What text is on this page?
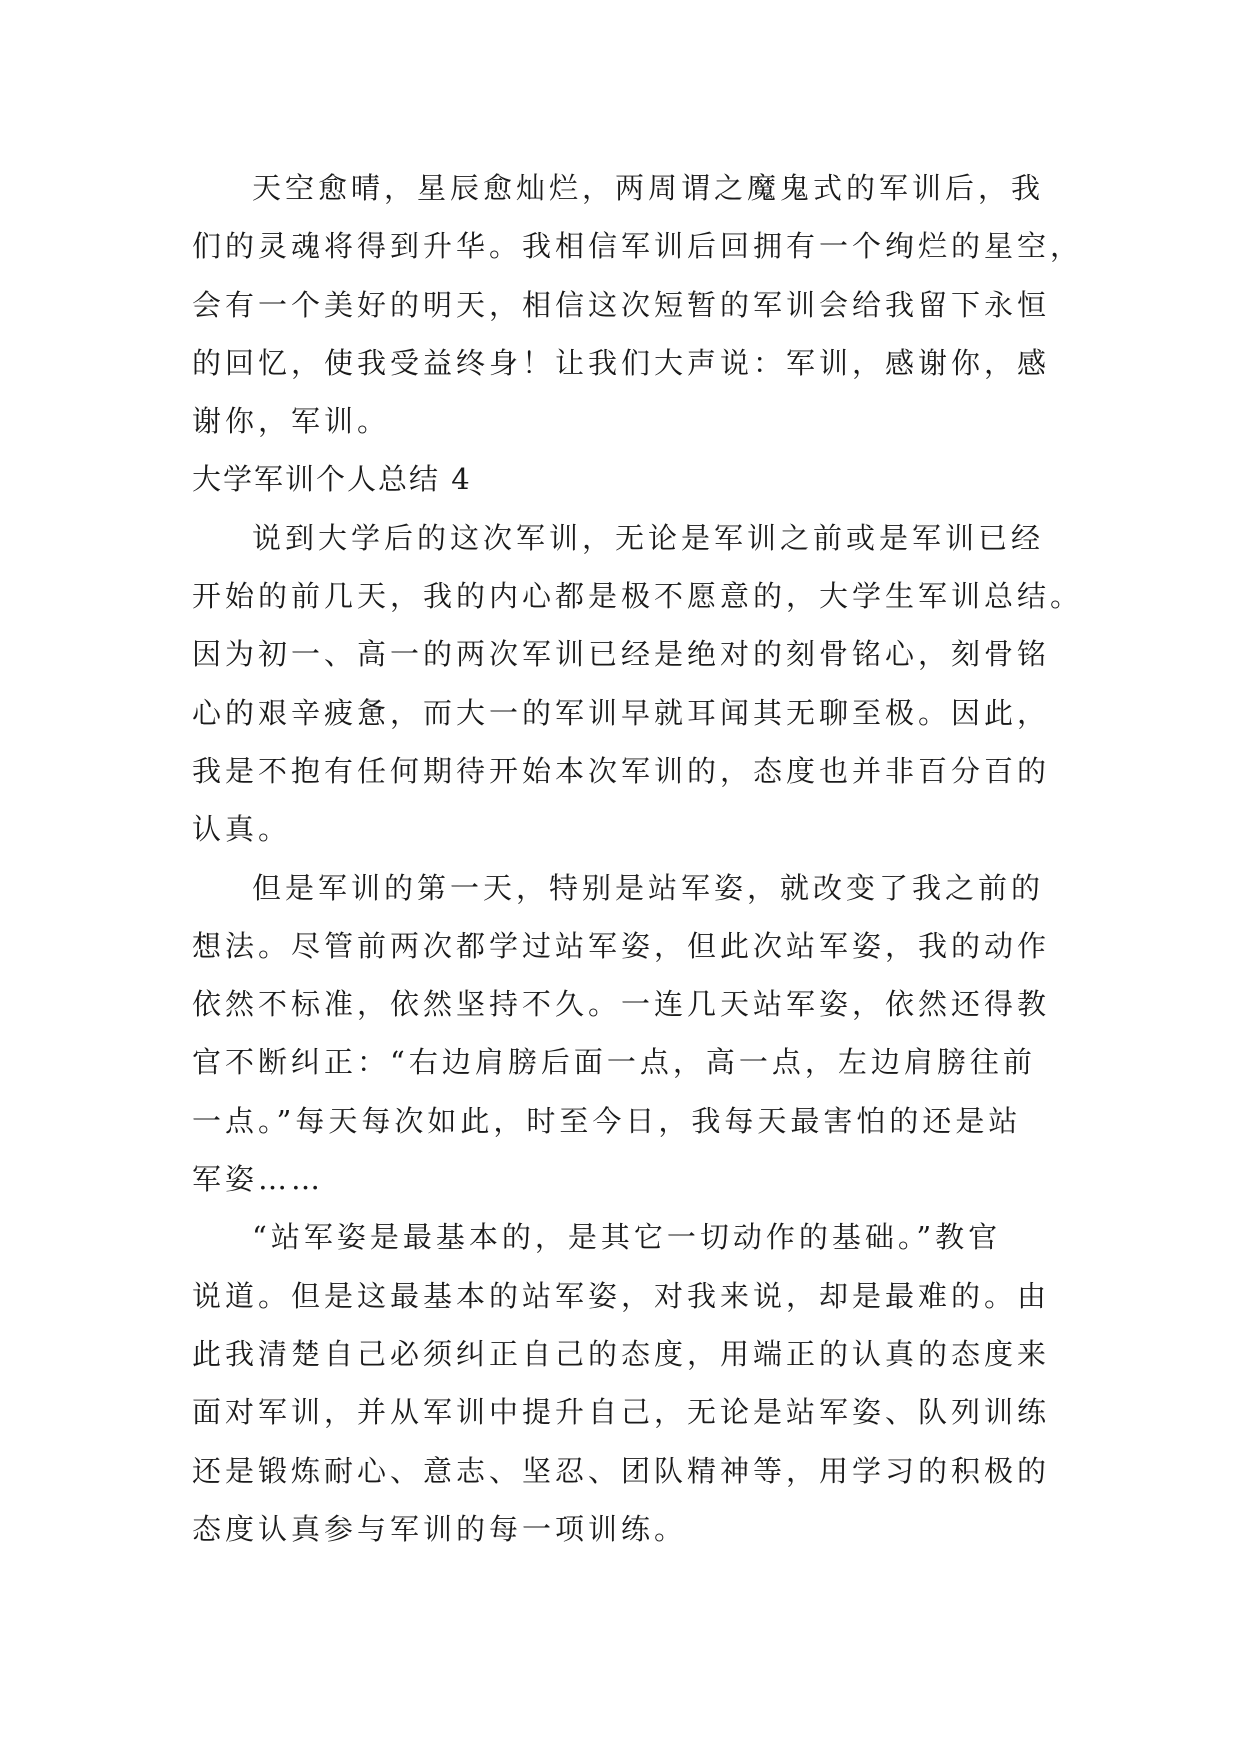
天空愈晴，星辰愈灿烂，两周谓之魔鬼式的军训后，我
们的灵魂将得到升华。我相信军训后回拥有一个绚烂的星空，
会有一个美好的明天，相信这次短暂的军训会给我留下永恒
的回忆，使我受益终身！让我们大声说：军训，感谢你，感
谢你，军训。
大学军训个人总结 4
说到大学后的这次军训，无论是军训之前或是军训已经
开始的前几天，我的内心都是极不愿意的，大学生军训总结。
因为初一、高一的两次军训已经是绝对的刻骨铭心，刻骨铭
心的艰辛疲惫，而大一的军训早就耳闻其无聊至极。因此，
我是不抱有任何期待开始本次军训的，态度也并非百分百的
认真。
但是军训的第一天，特别是站军姿，就改变了我之前的
想法。尽管前两次都学过站军姿，但此次站军姿，我的动作
依然不标准，依然坚持不久。一连几天站军姿，依然还得教
官不断纠正：“右边肩膀后面一点，高一点，左边肩膀往前
一点。”每天每次如此，时至今日，我每天最害怕的还是站
军姿……
“站军姿是最基本的，是其它一切动作的基础。”教官
说道。但是这最基本的站军姿，对我来说，却是最难的。由
此我清楚自己必须纠正自己的态度，用端正的认真的态度来
面对军训，并从军训中提升自己，无论是站军姿、队列训练
还是锻炼耐心、意志、坚忍、团队精神等，用学习的积极的
态度认真参与军训的每一项训练。
